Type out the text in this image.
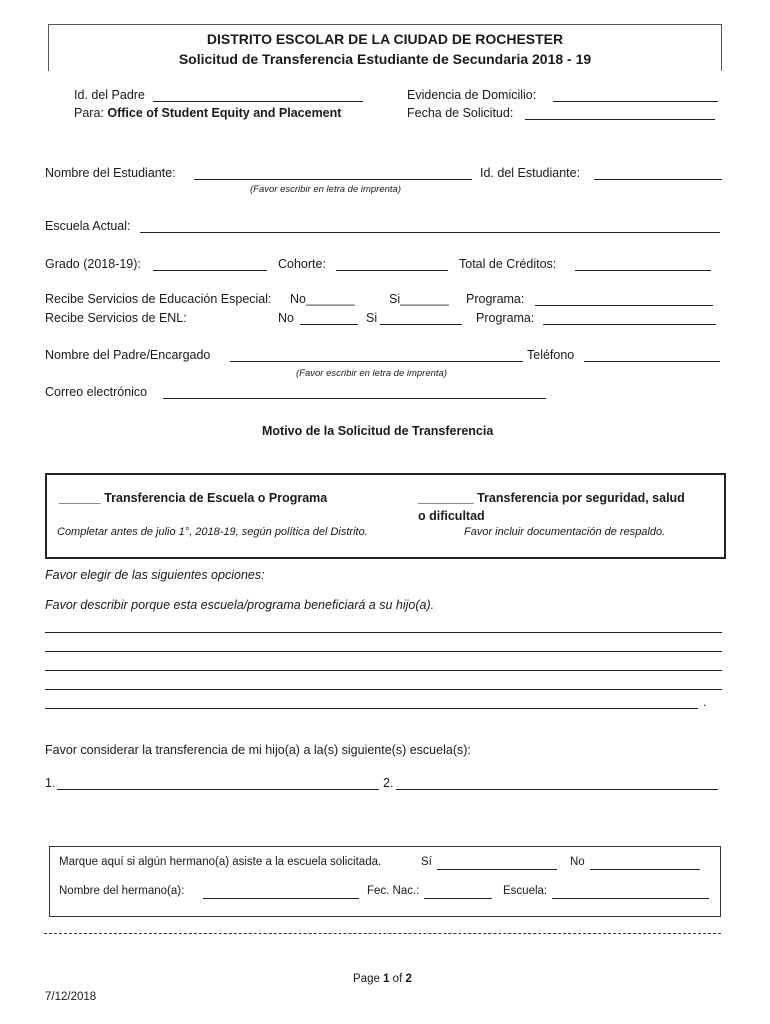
DISTRITO ESCOLAR DE LA CIUDAD DE ROCHESTER
Solicitud de Transferencia Estudiante de Secundaria 2018 - 19
Id. del Padre
Para: Office of Student Equity and Placement
Evidencia de Domicilio:
Fecha de Solicitud:
Nombre del Estudiante:
(Favor escribir en letra de imprenta)
Id. del Estudiante:
Escuela Actual:
Grado (2018-19):	Cohorte:	Total de Créditos:
Recibe Servicios de Educación Especial: No_______	Si_______ Programa:
Recibe Servicios de ENL:	No	Si	Programa:
Nombre del Padre/Encargado	Teléfono
(Favor escribir en letra de imprenta)
Correo electrónico
Motivo de la Solicitud de Transferencia
______ Transferencia de Escuela o Programa
Completar antes de julio 1°, 2018-19, según política del Distrito.
________ Transferencia por seguridad, salud
o dificultad
Favor incluir documentación de respaldo.
Favor elegir de las siguientes opciones:
Favor describir porque esta escuela/programa beneficiará a su hijo(a).
.
Favor considerar la transferencia de mi hijo(a) a la(s) siguiente(s) escuela(s):
1.	2.
Marque aquí si algún hermano(a) asiste a la escuela solicitada.	Sí	No
Nombre del hermano(a):	Fec. Nac.:	Escuela:
Page 1 of 2
7/12/2018
